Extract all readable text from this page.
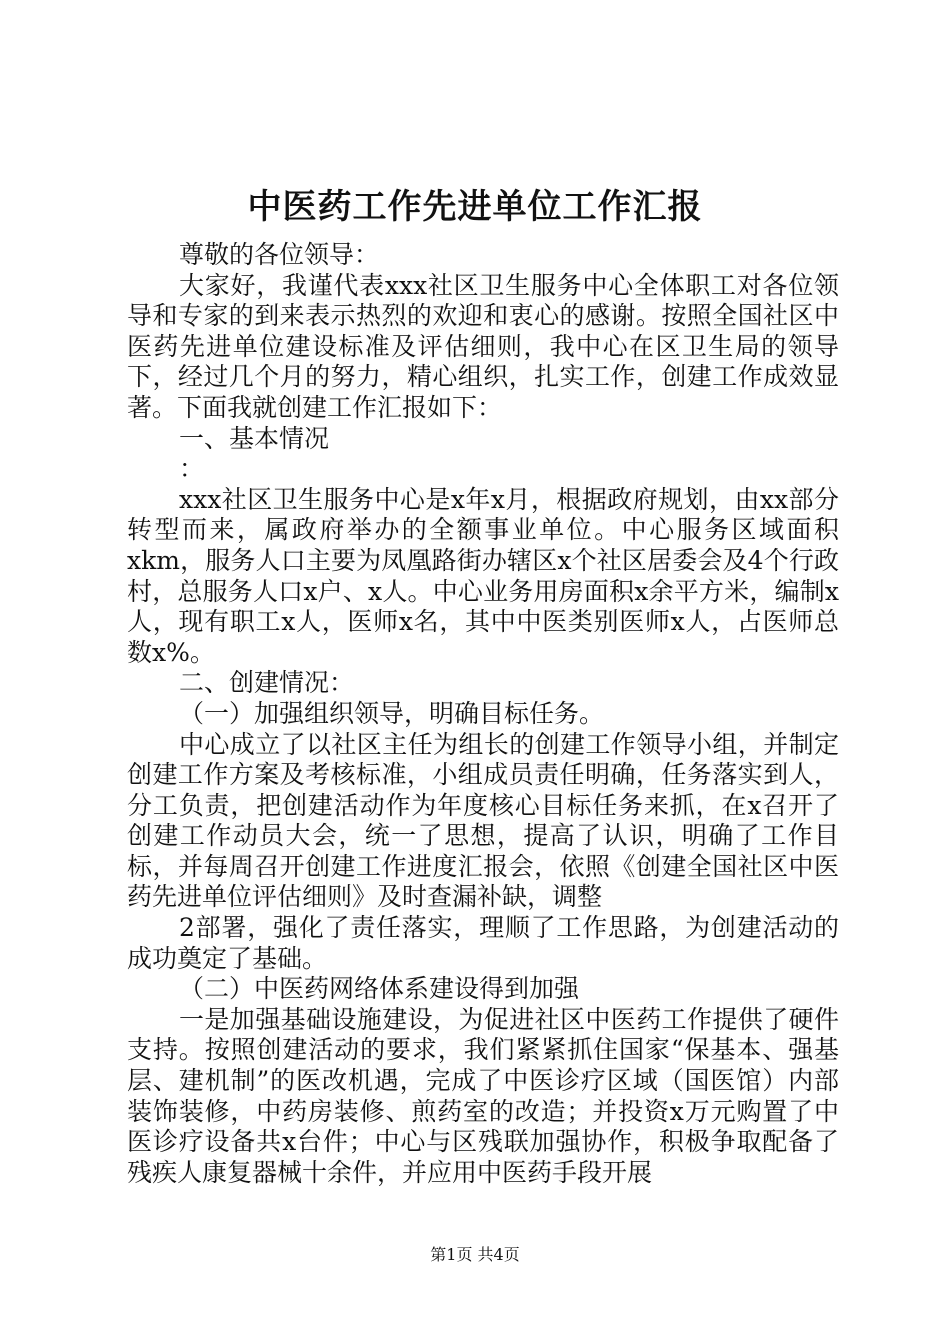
中医药工作先进单位工作汇报

尊敬的各位领导：

大家好，我谨代表xxx社区卫生服务中心全体职工对各位领导和专家的到来表示热烈的欢迎和衷心的感谢。按照全国社区中医药先进单位建设标准及评估细则，我中心在区卫生局的领导下，经过几个月的努力，精心组织，扎实工作，创建工作成效显著。下面我就创建工作汇报如下：

一、基本情况

：

xxx社区卫生服务中心是x年x月，根据政府规划，由xx部分转型而来，属政府举办的全额事业单位。中心服务区域面积xkm，服务人口主要为凤凰路街办辖区x个社区居委会及4个行政村，总服务人口x户、x人。中心业务用房面积x余平方米，编制x人，现有职工x人，医师x名，其中中医类别医师x人，占医师总数x%。

二、创建情况：

（一）加强组织领导，明确目标任务。

中心成立了以社区主任为组长的创建工作领导小组，并制定创建工作方案及考核标准，小组成员责任明确，任务落实到人，分工负责，把创建活动作为年度核心目标任务来抓，在x召开了创建工作动员大会，统一了思想，提高了认识，明确了工作目标，并每周召开创建工作进度汇报会，依照《创建全国社区中医药先进单位评估细则》及时查漏补缺，调整

2部署，强化了责任落实，理顺了工作思路，为创建活动的成功奠定了基础。

（二）中医药网络体系建设得到加强

一是加强基础设施建设，为促进社区中医药工作提供了硬件支持。按照创建活动的要求，我们紧紧抓住国家“保基本、强基层、建机制”的医改机遇，完成了中医诊疗区域（国医馆）内部装饰装修，中药房装修、煎药室的改造；并投资x万元购置了中医诊疗设备共x台件；中心与区残联加强协作，积极争取配备了残疾人康复器械十余件，并应用中医药手段开展

第1页 共4页
